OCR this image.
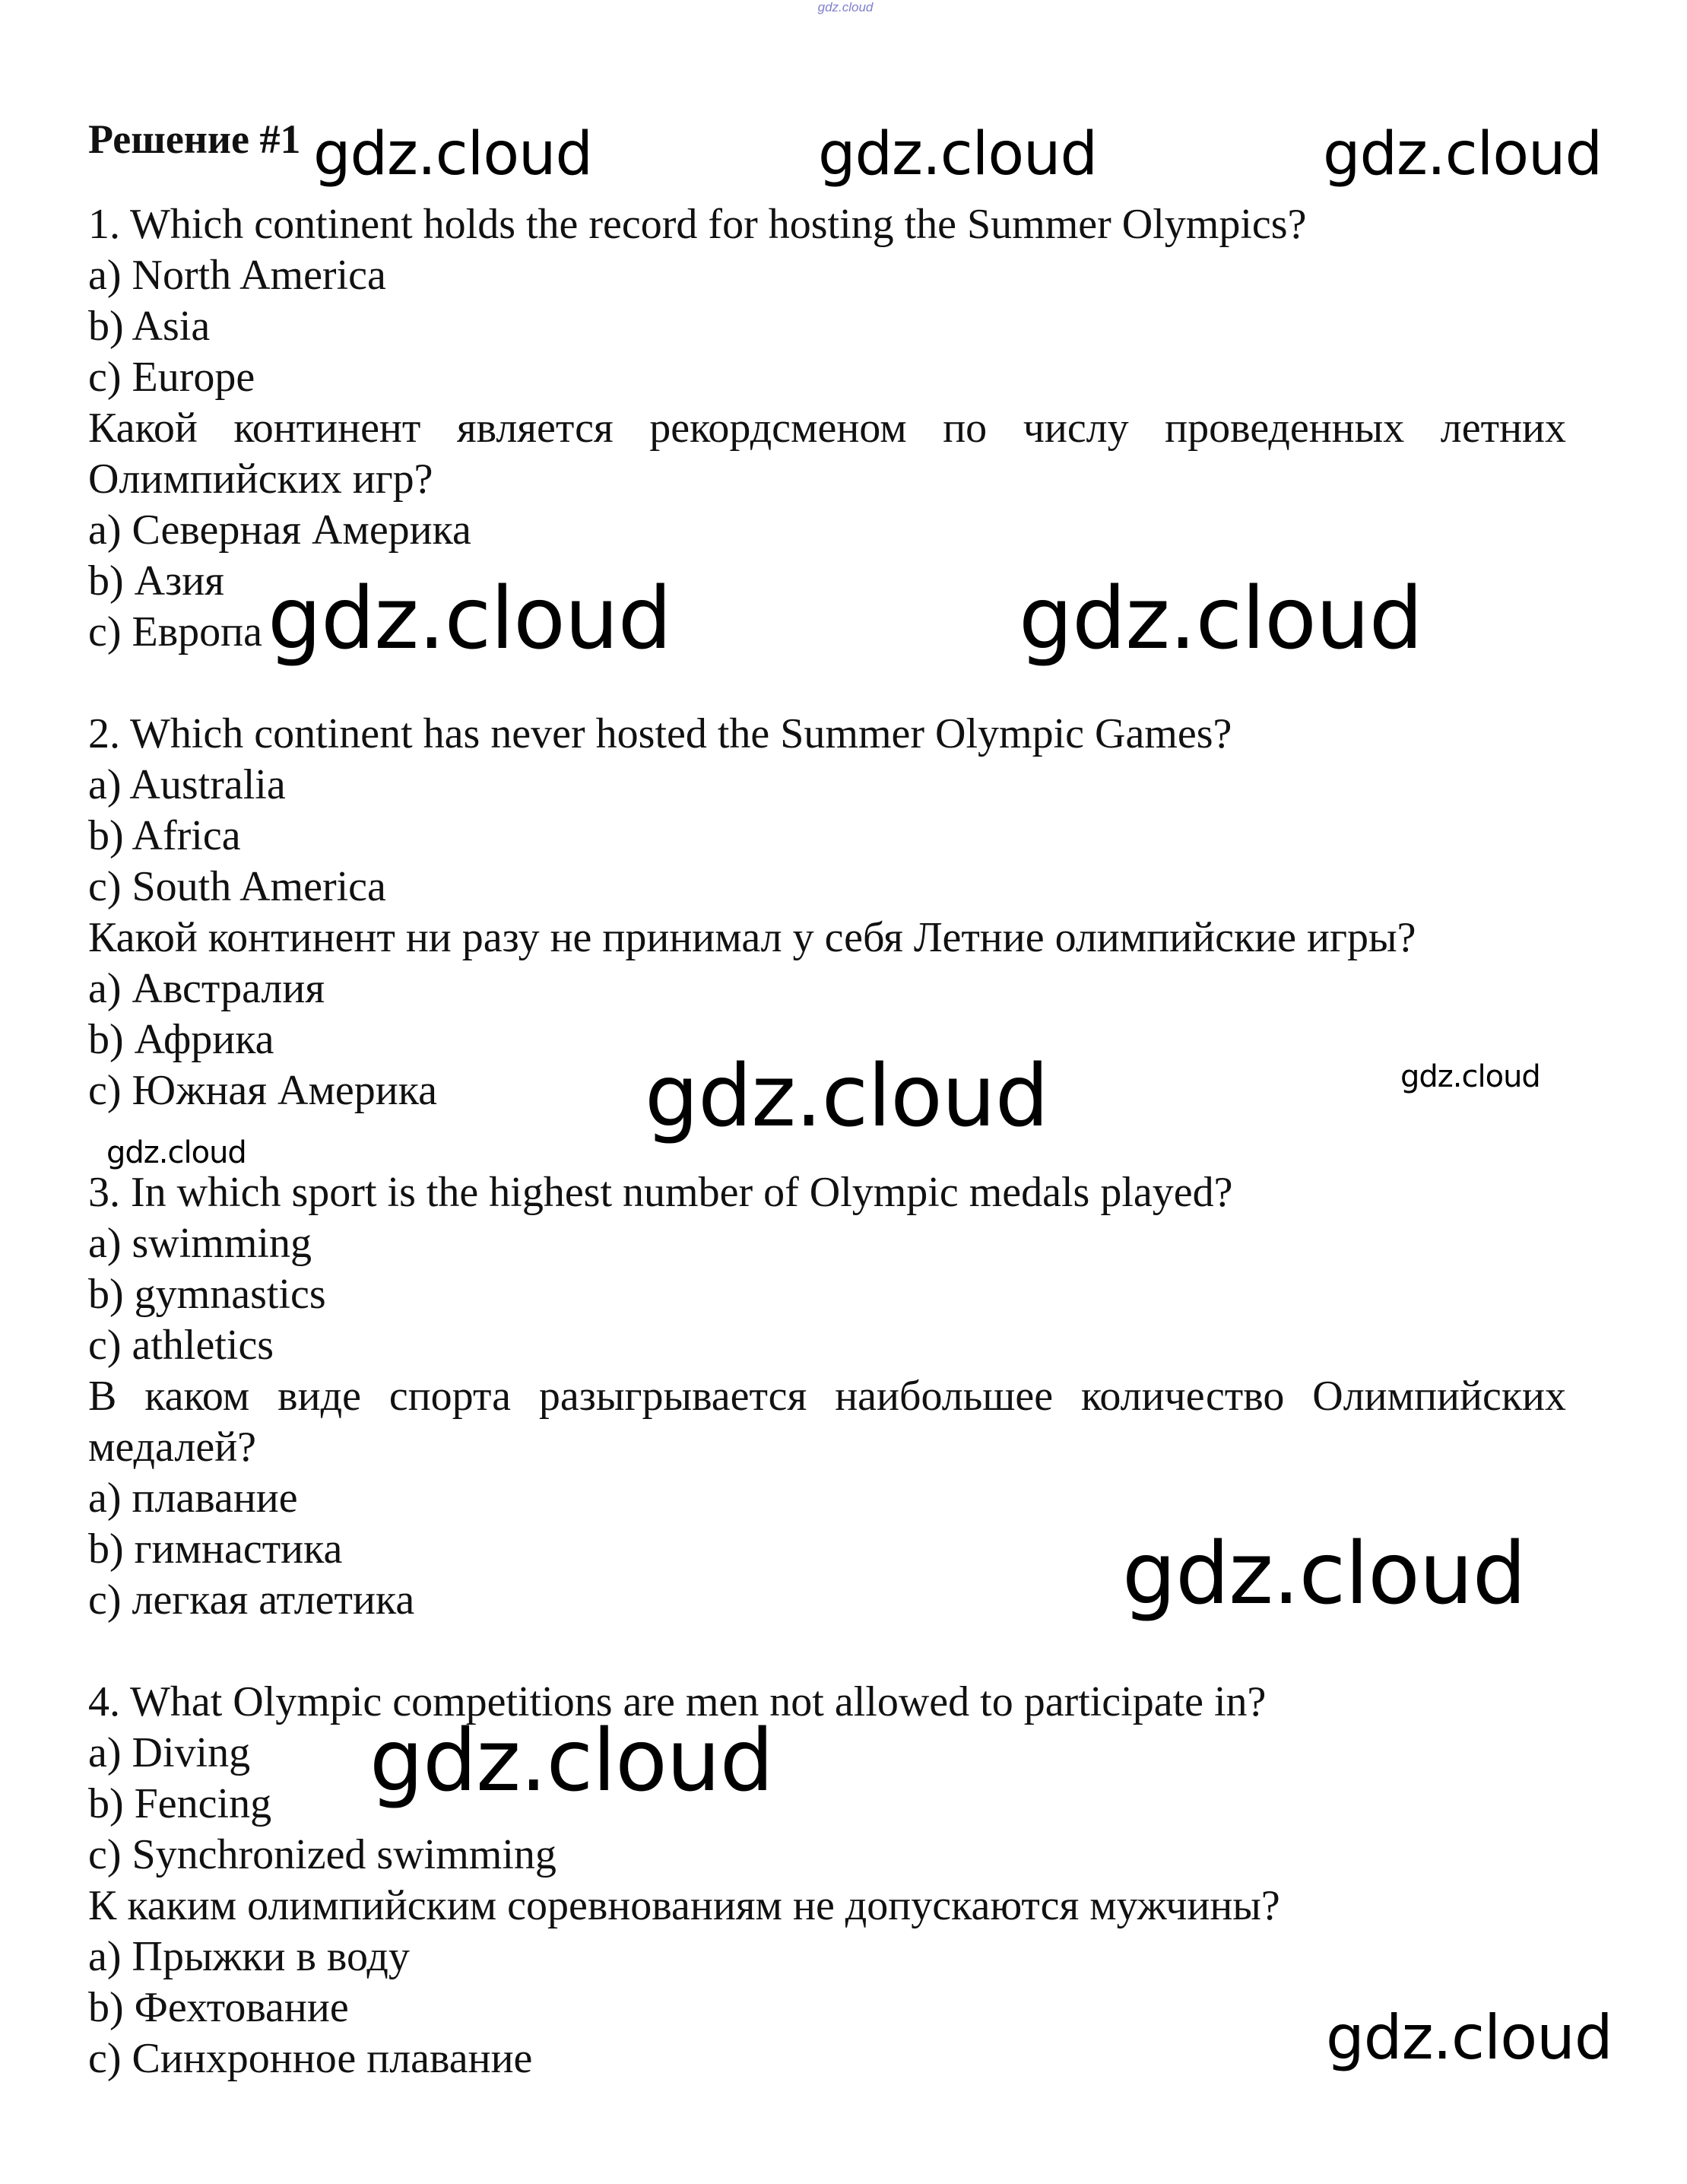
gdz.cloud
Решение #1 gdz.cloud	gdz.cloud	gdz.cloud
gdz.cloud	gdz.cloud
gdz.cloud	gdz.cloud
gdz.cloud
gdz.cloud
gdz.cloud
gdz.cloud

1. Which continent holds the record for hosting the Summer Olympics?

a) North America

b) Asia

c) Europe

Какой континент является рекордсменом по числу проведенных летних

Олимпийских игр?

a) Северная Америка

b) Азия

c) Европа

2. Which continent has never hosted the Summer Olympic Games?

a) Australia

b) Africa

c) South America

Какой континент ни разу не принимал у себя Летние олимпийские игры?

a) Австралия

b) Африка

c) Южная Америка

3. In which sport is the highest number of Olympic medals played?

a) swimming

b) gymnastics

c) athletics

В каком виде спорта разыгрывается наибольшее количество Олимпийских

медалей?

a) плавание

b) гимнастика

c) легкая атлетика

4. What Olympic competitions are men not allowed to participate in?

a) Diving

b) Fencing

c) Synchronized swimming

К каким олимпийским соревнованиям не допускаются мужчины?

a) Прыжки в воду

b) Фехтование

c) Синхронное плавание
